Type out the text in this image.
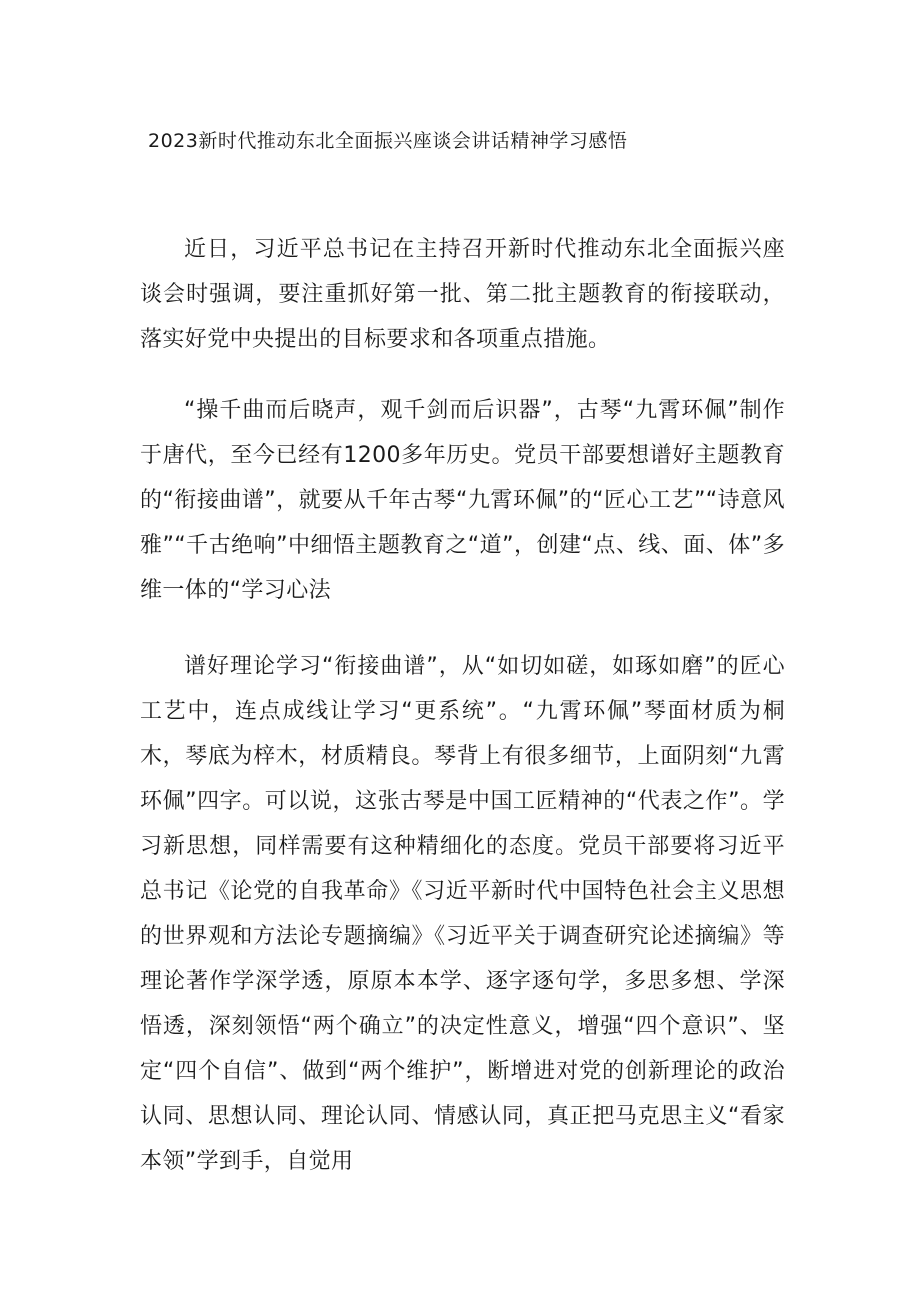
2023新时代推动东北全面振兴座谈会讲话精神学习感悟

近日，习近平总书记在主持召开新时代推动东北全面振兴座谈会时强调，要注重抓好第一批、第二批主题教育的衔接联动，落实好党中央提出的目标要求和各项重点措施。

“操千曲而后晓声，观千剑而后识器”，古琴“九霄环佩”制作于唐代，至今已经有1200多年历史。党员干部要想谱好主题教育的“衔接曲谱”，就要从千年古琴“九霄环佩”的“匠心工艺”“诗意风雅”“千古绝响”中细悟主题教育之“道”，创建“点、线、面、体”多维一体的“学习心法

谱好理论学习“衔接曲谱”，从“如切如磋，如琢如磨”的匠心工艺中，连点成线让学习“更系统”。“九霄环佩”琴面材质为桐木，琴底为梓木，材质精良。琴背上有很多细节，上面阴刻“九霄环佩”四字。可以说，这张古琴是中国工匠精神的“代表之作”。学习新思想，同样需要有这种精细化的态度。党员干部要将习近平总书记《论党的自我革命》《习近平新时代中国特色社会主义思想的世界观和方法论专题摘编》《习近平关于调查研究论述摘编》等理论著作学深学透，原原本本学、逐字逐句学，多思多想、学深悟透，深刻领悟“两个确立”的决定性意义，增强“四个意识”、坚定“四个自信”、做到“两个维护”，断增进对党的创新理论的政治认同、思想认同、理论认同、情感认同，真正把马克思主义“看家本领”学到手，自觉用
